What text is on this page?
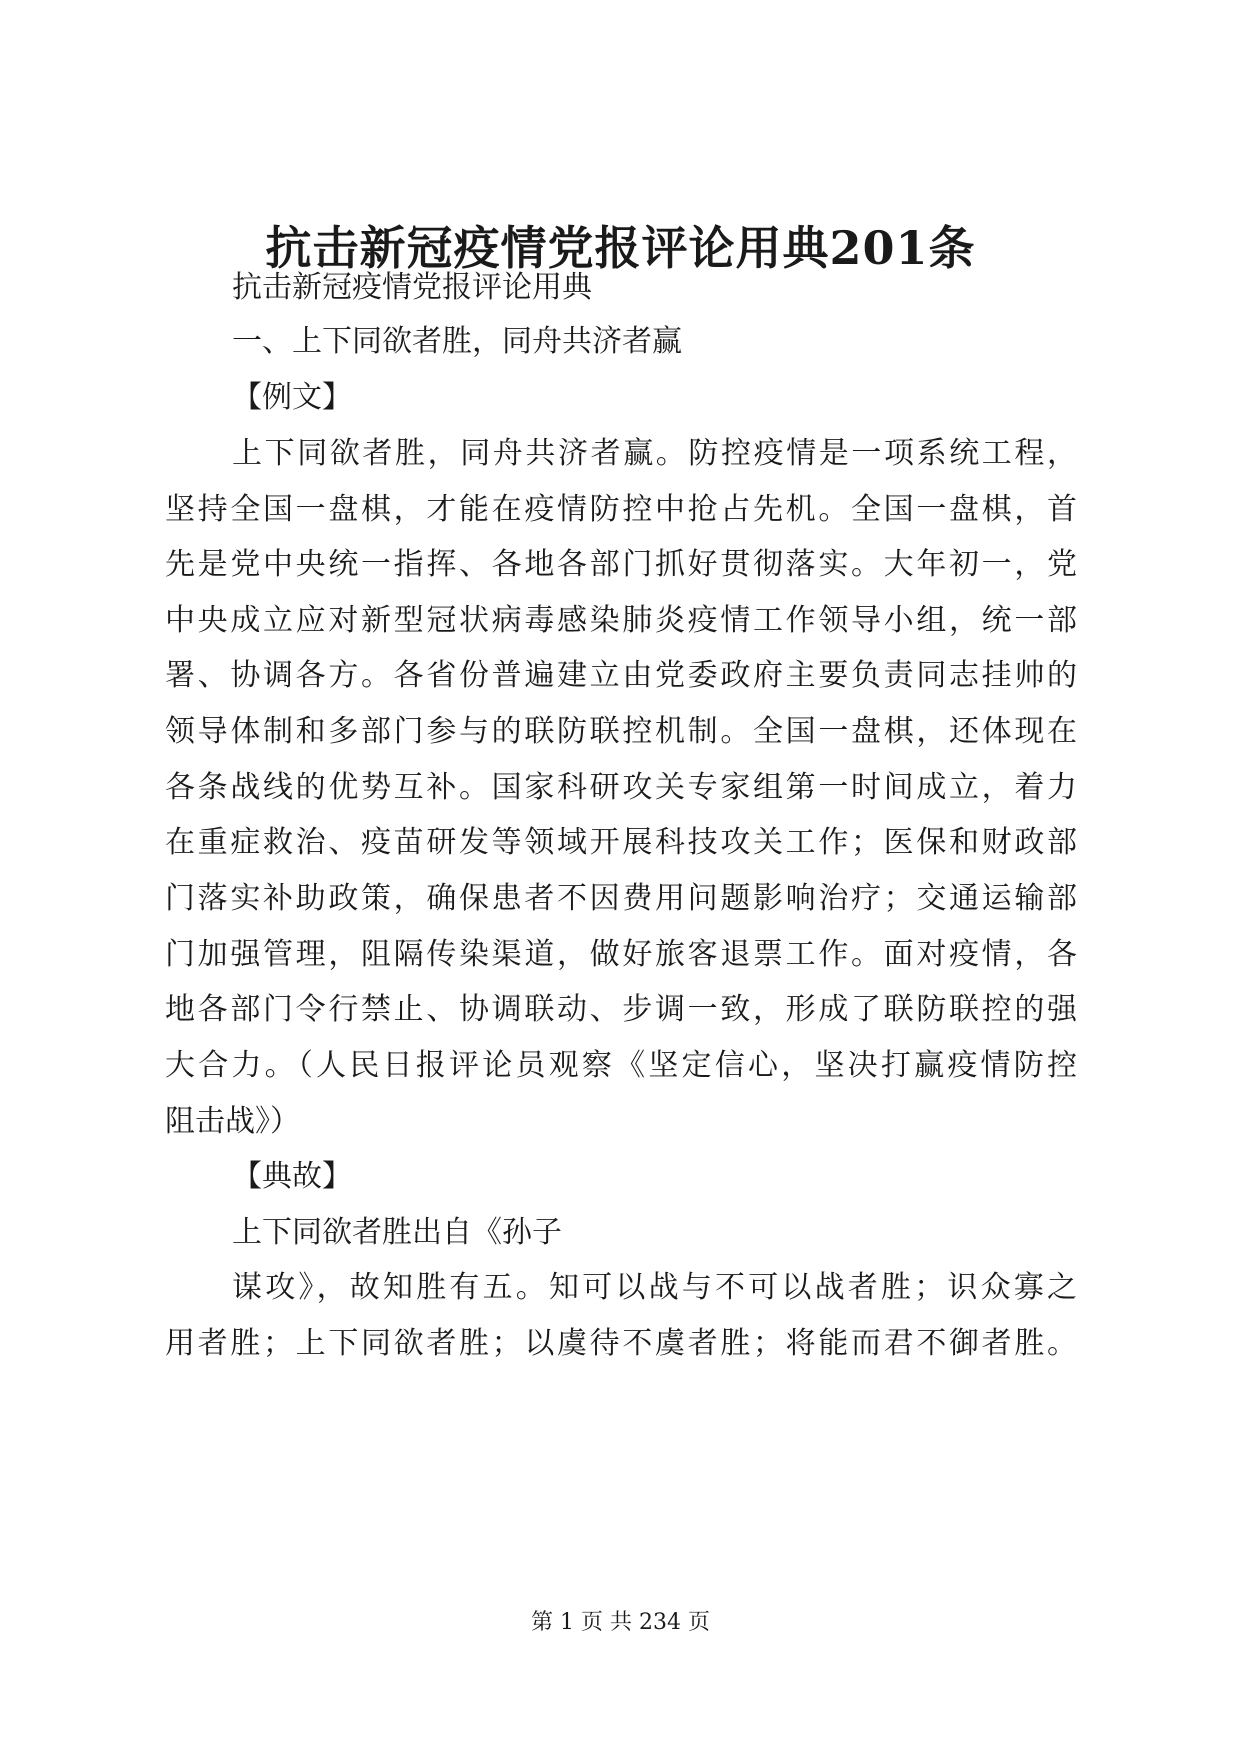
抗击新冠疫情党报评论用典201条
抗击新冠疫情党报评论用典
一、上下同欲者胜，同舟共济者赢
【例文】
上下同欲者胜，同舟共济者赢。防控疫情是一项系统工程，
坚持全国一盘棋，才能在疫情防控中抢占先机。全国一盘棋，首
先是党中央统一指挥、各地各部门抓好贯彻落实。大年初一，党
中央成立应对新型冠状病毒感染肺炎疫情工作领导小组，统一部
署、协调各方。各省份普遍建立由党委政府主要负责同志挂帅的
领导体制和多部门参与的联防联控机制。全国一盘棋，还体现在
各条战线的优势互补。国家科研攻关专家组第一时间成立，着力
在重症救治、疫苗研发等领域开展科技攻关工作；医保和财政部
门落实补助政策，确保患者不因费用问题影响治疗；交通运输部
门加强管理，阻隔传染渠道，做好旅客退票工作。面对疫情，各
地各部门令行禁止、协调联动、步调一致，形成了联防联控的强
大合力。（人民日报评论员观察《坚定信心，坚决打赢疫情防控
阻击战》）
【典故】
上下同欲者胜出自《孙子
谋攻》，故知胜有五。知可以战与不可以战者胜；识众寡之
用者胜；上下同欲者胜；以虞待不虞者胜；将能而君不御者胜。
第 1 页 共 234 页
